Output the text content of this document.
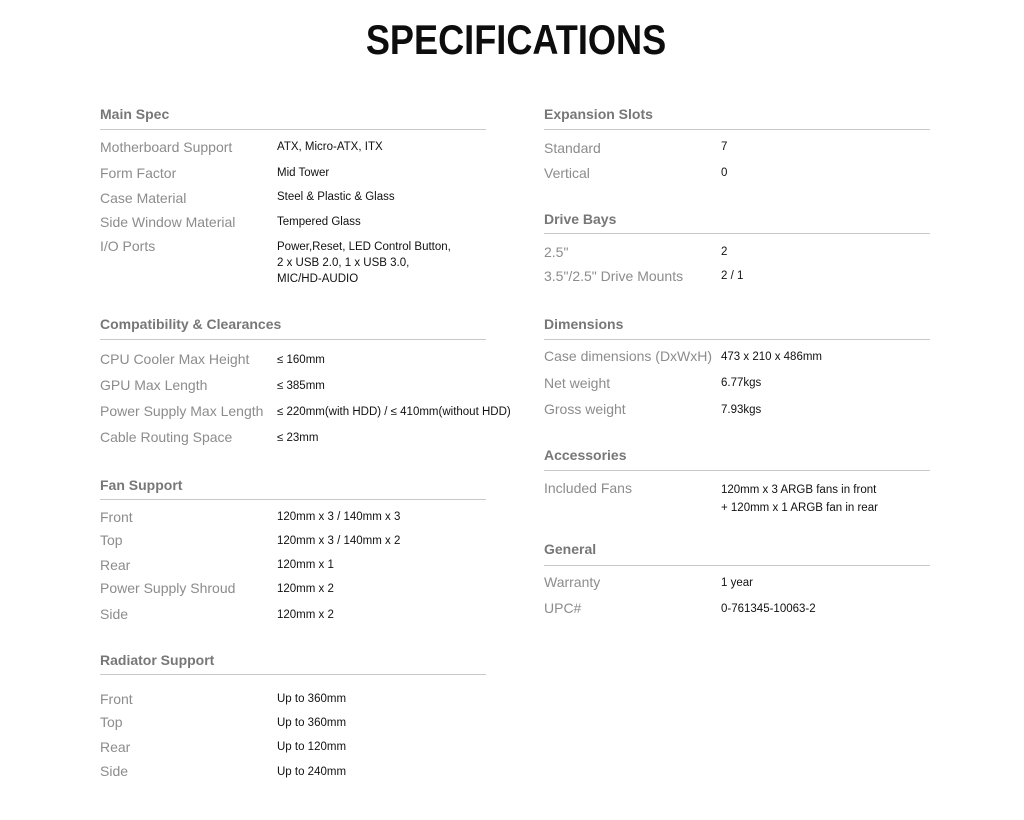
SPECIFICATIONS
Main Spec
Motherboard Support	ATX, Micro-ATX, ITX
Form Factor	Mid Tower
Case Material	Steel & Plastic & Glass
Side Window Material	Tempered Glass
I/O Ports	Power,Reset, LED Control Button,
2 x USB 2.0, 1 x USB 3.0,
MIC/HD-AUDIO
Compatibility & Clearances
CPU Cooler Max Height ≤ 160mm
GPU Max Length	≤ 385mm
Power Supply Max Length ≤ 220mm(with HDD) / ≤ 410mm(without HDD)
Cable Routing Space	≤ 23mm
Fan Support
Front	120mm x 3 / 140mm x 3
Top	120mm x 3 / 140mm x 2
Rear	120mm x 1
Power Supply Shroud	120mm x 2
Side	120mm x 2
Radiator Support
Front	Up to 360mm
Top	Up to 360mm
Rear	Up to 120mm
Side	Up to 240mm
Expansion Slots
Standard	7
Vertical	0
Drive Bays
2.5"	2
3.5"/2.5" Drive Mounts	2 / 1
Dimensions
Case dimensions (DxWxH) 473 x 210 x 486mm
Net weight	6.77kgs
Gross weight	7.93kgs
Accessories
Included Fans	120mm x 3 ARGB fans in front
+ 120mm x 1 ARGB fan in rear
General
Warranty	1 year
UPC#	0-761345-10063-2
